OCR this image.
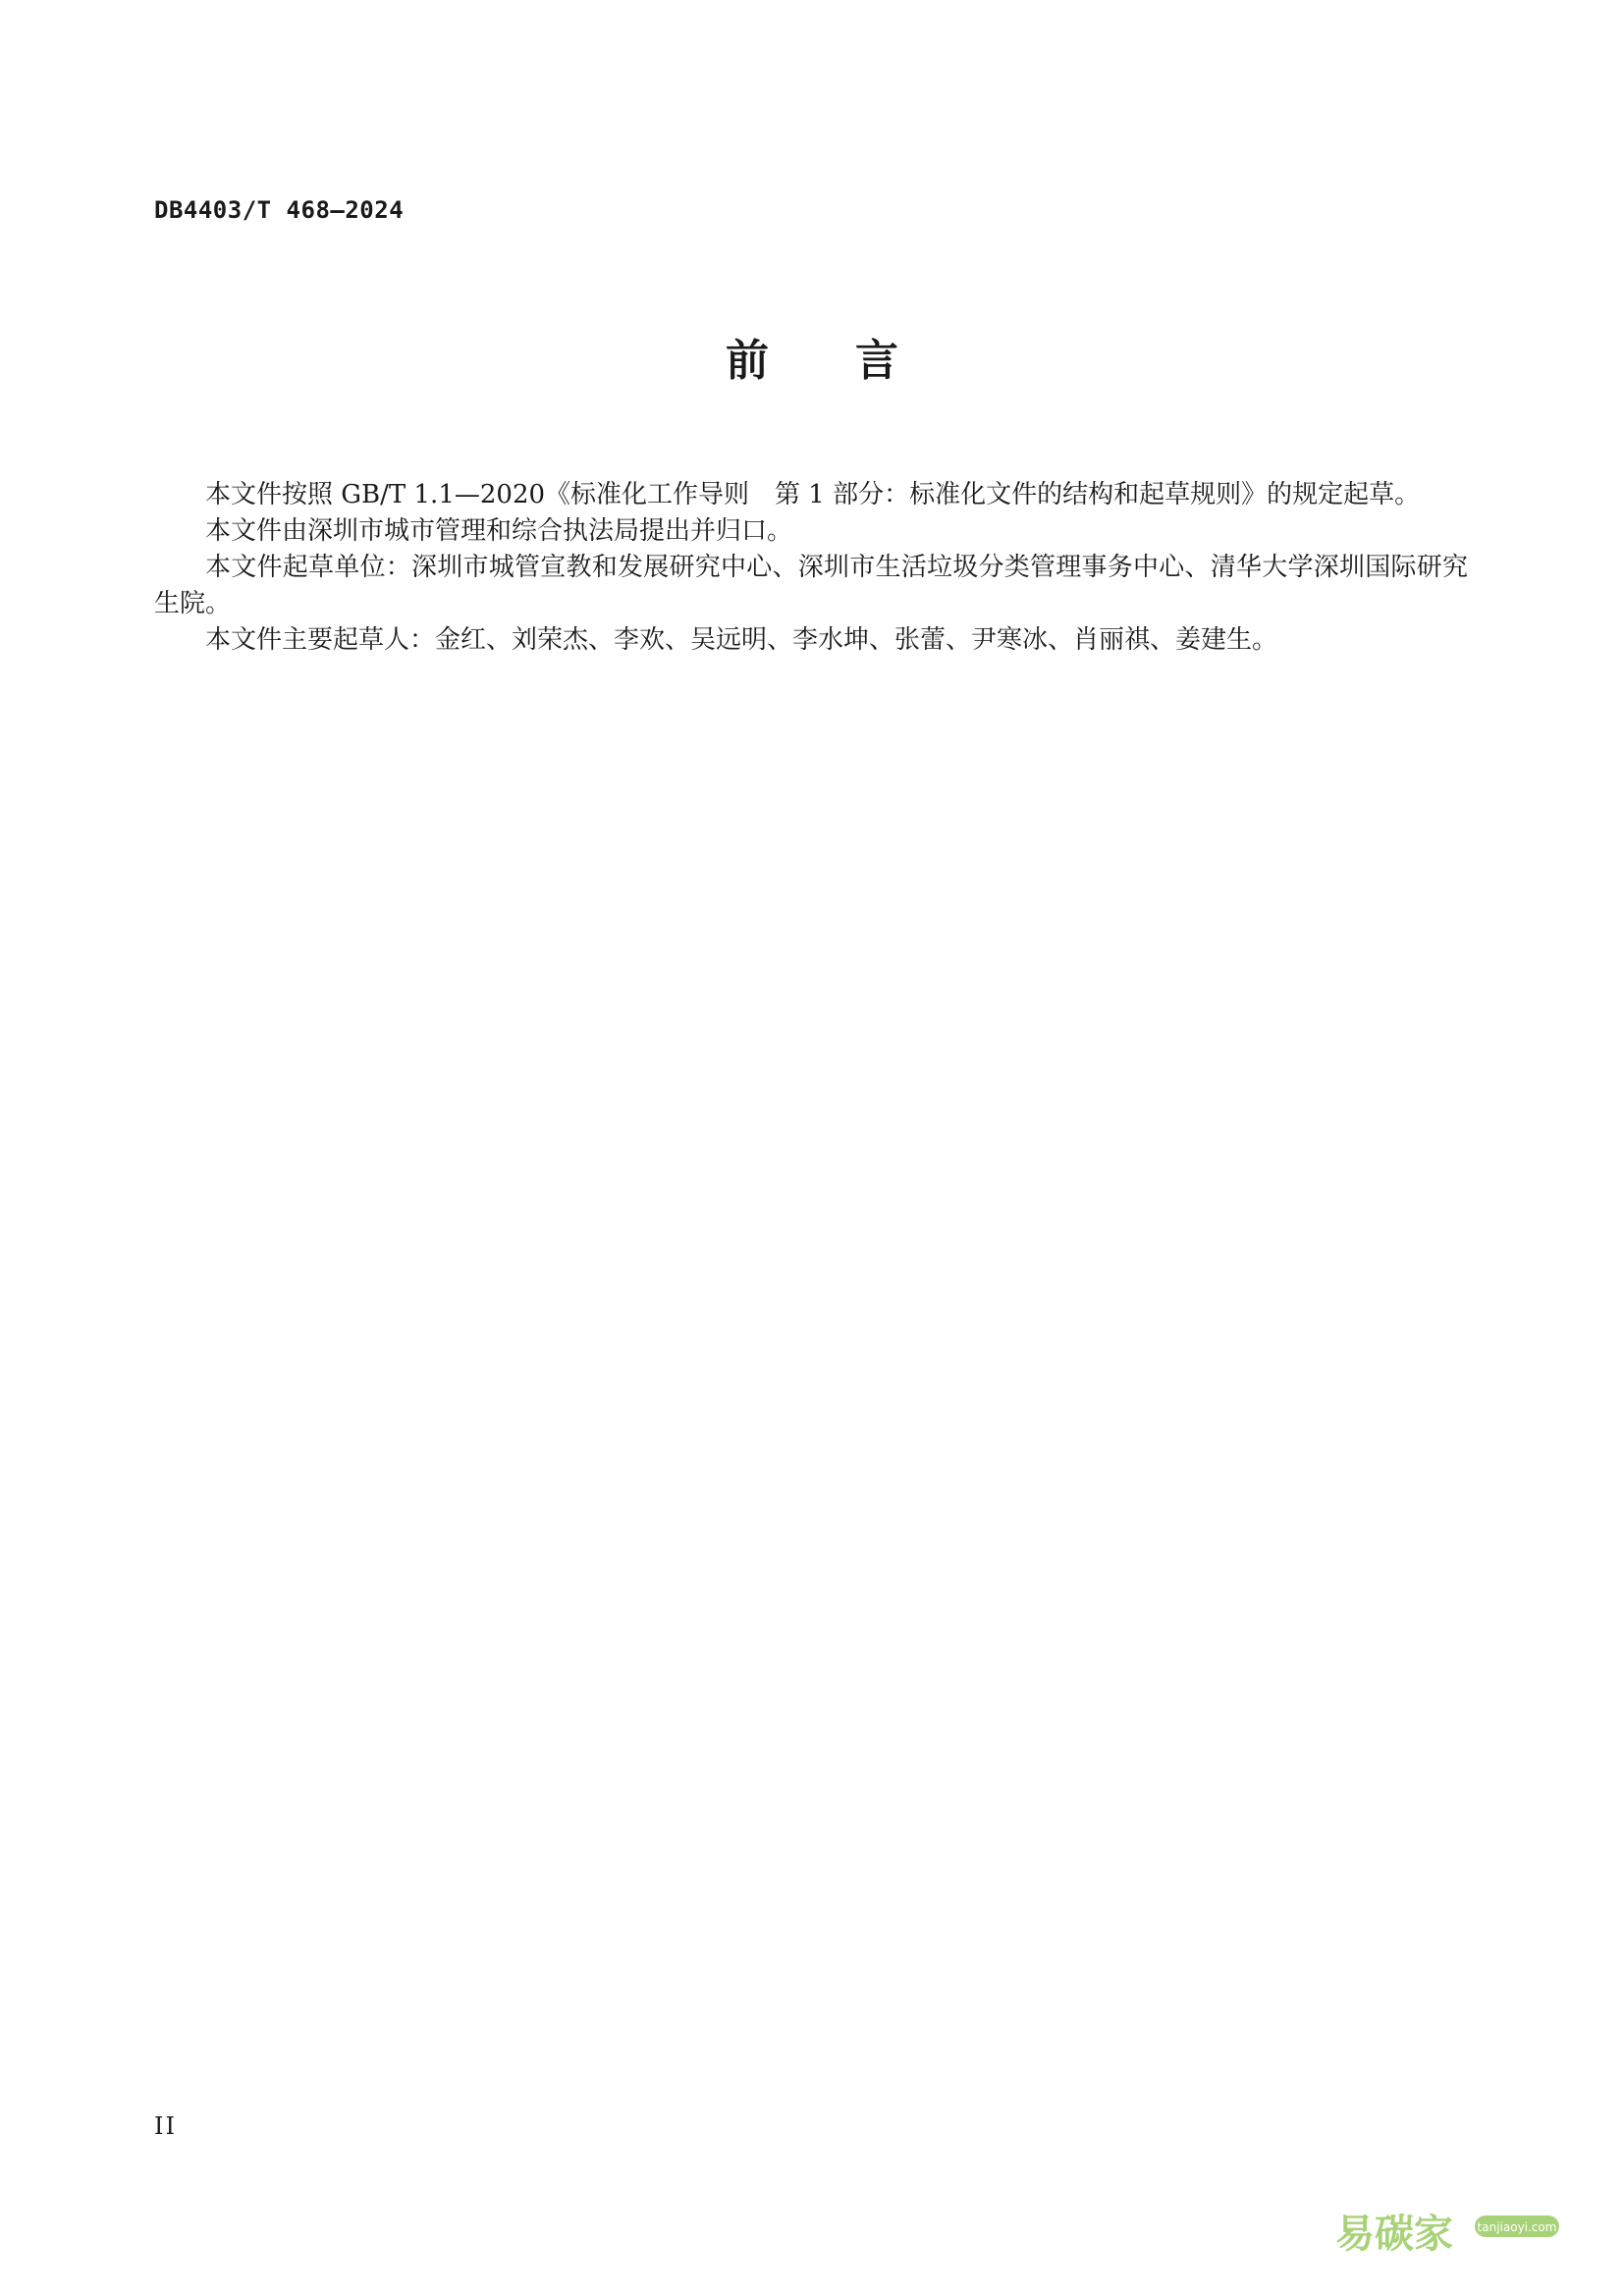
DB4403/T 468—2024
前 言

本文件按照 GB/T 1.1—2020《标准化工作导则　第 1 部分：标准化文件的结构和起草规则》的规定起草。

本文件由深圳市城市管理和综合执法局提出并归口。

本文件起草单位：深圳市城管宣教和发展研究中心、深圳市生活垃圾分类管理事务中心、清华大学深圳国际研究生院。

本文件主要起草人：金红、刘荣杰、李欢、吴远明、李水坤、张蕾、尹寒冰、肖丽祺、姜建生。

II
易碳家 tanjiaoyi.com
